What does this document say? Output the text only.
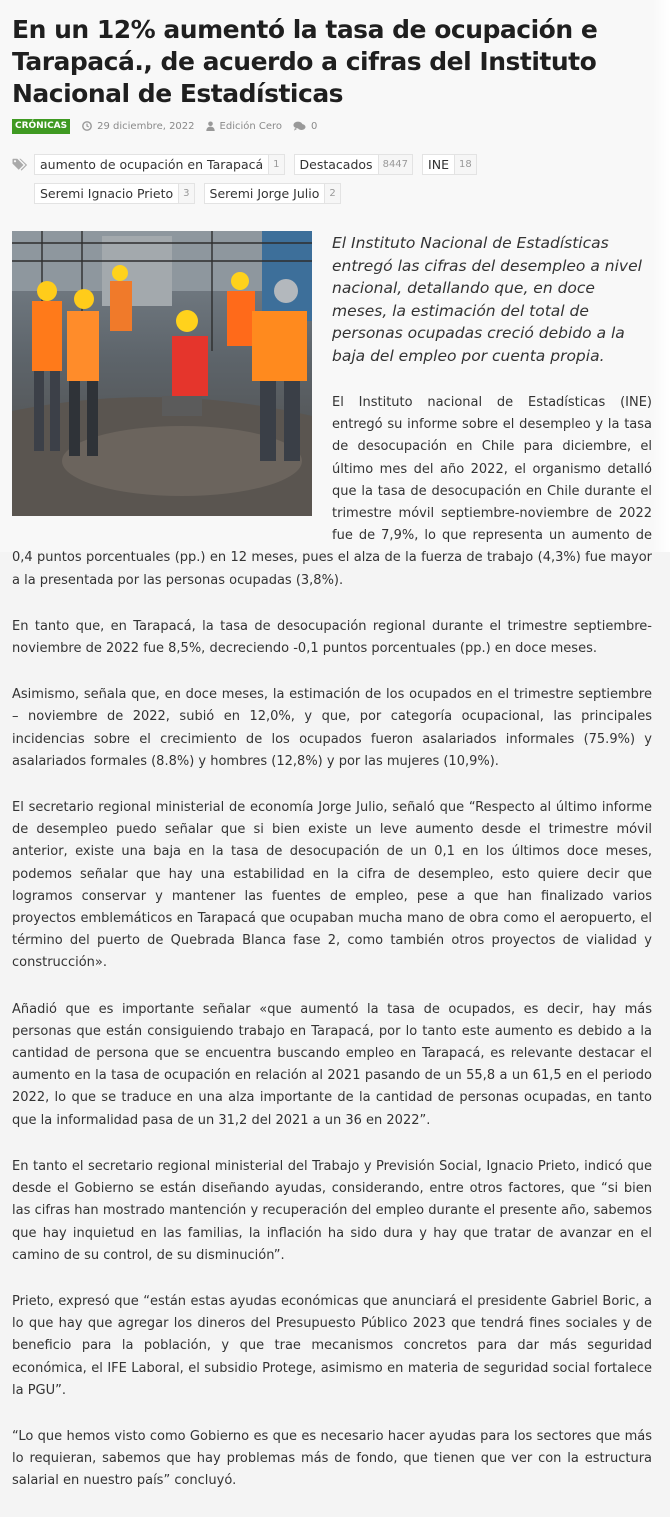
En un 12% aumentó la tasa de ocupación e Tarapacá., de acuerdo a cifras del Instituto Nacional de Estadísticas
CRÓNICAS	29 diciembre, 2022	Edición Cero	0
aumento de ocupación en Tarapacá	1	Destacados	8447	INE	18
Seremi Ignacio Prieto	3	Seremi Jorge Julio	2

El Instituto Nacional de Estadísticas entregó las cifras del desempleo a nivel nacional, detallando que, en doce meses, la estimación del total de personas ocupadas creció debido a la baja del empleo por cuenta propia.

El Instituto nacional de Estadísticas (INE) entregó su informe sobre el desempleo y la tasa de desocupación en Chile para diciembre, el último mes del año 2022, el organismo detalló que la tasa de desocupación en Chile durante el trimestre móvil septiembre-noviembre de 2022 fue de 7,9%, lo que representa un aumento de 0,4 puntos porcentuales (pp.) en 12 meses, pues el alza de la fuerza de trabajo (4,3%) fue mayor a la presentada por las personas ocupadas (3,8%).

En tanto que, en Tarapacá, la tasa de desocupación regional durante el trimestre septiembre-noviembre de 2022 fue 8,5%, decreciendo -0,1 puntos porcentuales (pp.) en doce meses.

Asimismo, señala que, en doce meses, la estimación de los ocupados en el trimestre septiembre – noviembre de 2022, subió en 12,0%, y que, por categoría ocupacional, las principales incidencias sobre el crecimiento de los ocupados fueron asalariados informales (75.9%) y asalariados formales (8.8%) y hombres (12,8%) y por las mujeres (10,9%).

El secretario regional ministerial de economía Jorge Julio, señaló que “Respecto al último informe de desempleo puedo señalar que si bien existe un leve aumento desde el trimestre móvil anterior, existe una baja en la tasa de desocupación de un 0,1 en los últimos doce meses, podemos señalar que hay una estabilidad en la cifra de desempleo, esto quiere decir que logramos conservar y mantener las fuentes de empleo, pese a que han finalizado varios proyectos emblemáticos en Tarapacá que ocupaban mucha mano de obra como el aeropuerto, el término del puerto de Quebrada Blanca fase 2, como también otros proyectos de vialidad y construcción».

Añadió que es importante señalar «que aumentó la tasa de ocupados, es decir, hay más personas que están consiguiendo trabajo en Tarapacá, por lo tanto este aumento es debido a la cantidad de persona que se encuentra buscando empleo en Tarapacá, es relevante destacar el aumento en la tasa de ocupación en relación al 2021 pasando de un 55,8 a un 61,5 en el periodo 2022, lo que se traduce en una alza importante de la cantidad de personas ocupadas, en tanto que la informalidad pasa de un 31,2 del 2021 a un 36 en 2022”.

En tanto el secretario regional ministerial del Trabajo y Previsión Social, Ignacio Prieto, indicó que desde el Gobierno se están diseñando ayudas, considerando, entre otros factores, que “si bien las cifras han mostrado mantención y recuperación del empleo durante el presente año, sabemos que hay inquietud en las familias, la inflación ha sido dura y hay que tratar de avanzar en el camino de su control, de su disminución”.

Prieto, expresó que “están estas ayudas económicas que anunciará el presidente Gabriel Boric, a lo que hay que agregar los dineros del Presupuesto Público 2023 que tendrá fines sociales y de beneficio para la población, y que trae mecanismos concretos para dar más seguridad económica, el IFE Laboral, el subsidio Protege, asimismo en materia de seguridad social fortalece la PGU”.

“Lo que hemos visto como Gobierno es que es necesario hacer ayudas para los sectores que más lo requieran, sabemos que hay problemas más de fondo, que tienen que ver con la estructura salarial en nuestro país” concluyó.
